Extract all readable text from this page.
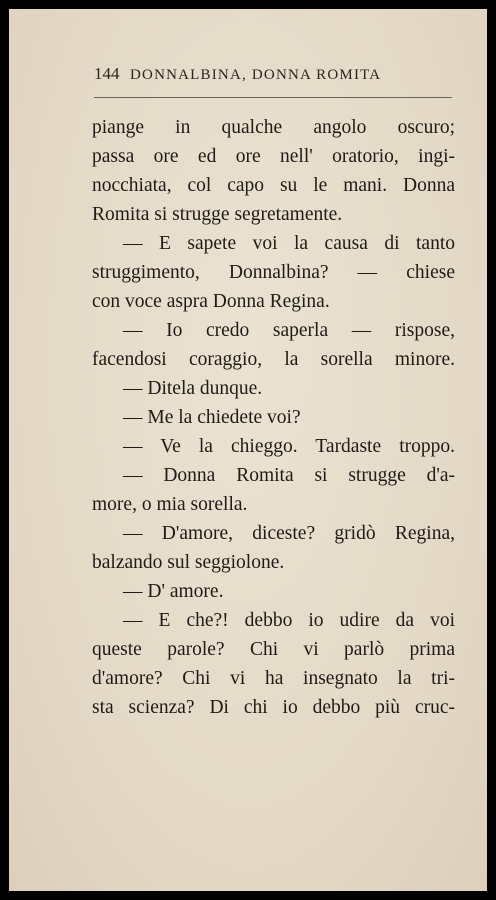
144 DONNALBINA, DONNA ROMITA
piange in qualche angolo oscuro;
passa ore ed ore nell' oratorio, ingi-
nocchiata, col capo su le mani. Donna
Romita si strugge segretamente.
— E sapete voi la causa di tanto
struggimento, Donnalbina? — chiese
con voce aspra Donna Regina.
— Io credo saperla — rispose,
facendosi coraggio, la sorella minore.
— Ditela dunque.
— Me la chiedete voi?
— Ve la chieggo. Tardaste troppo.
— Donna Romita si strugge d'a-
more, o mia sorella.
— D'amore, diceste? gridò Regina,
balzando sul seggiolone.
— D' amore.
— E che?! debbo io udire da voi
queste parole? Chi vi parlò prima
d'amore? Chi vi ha insegnato la tri-
sta scienza? Di chi io debbo più cruc-
